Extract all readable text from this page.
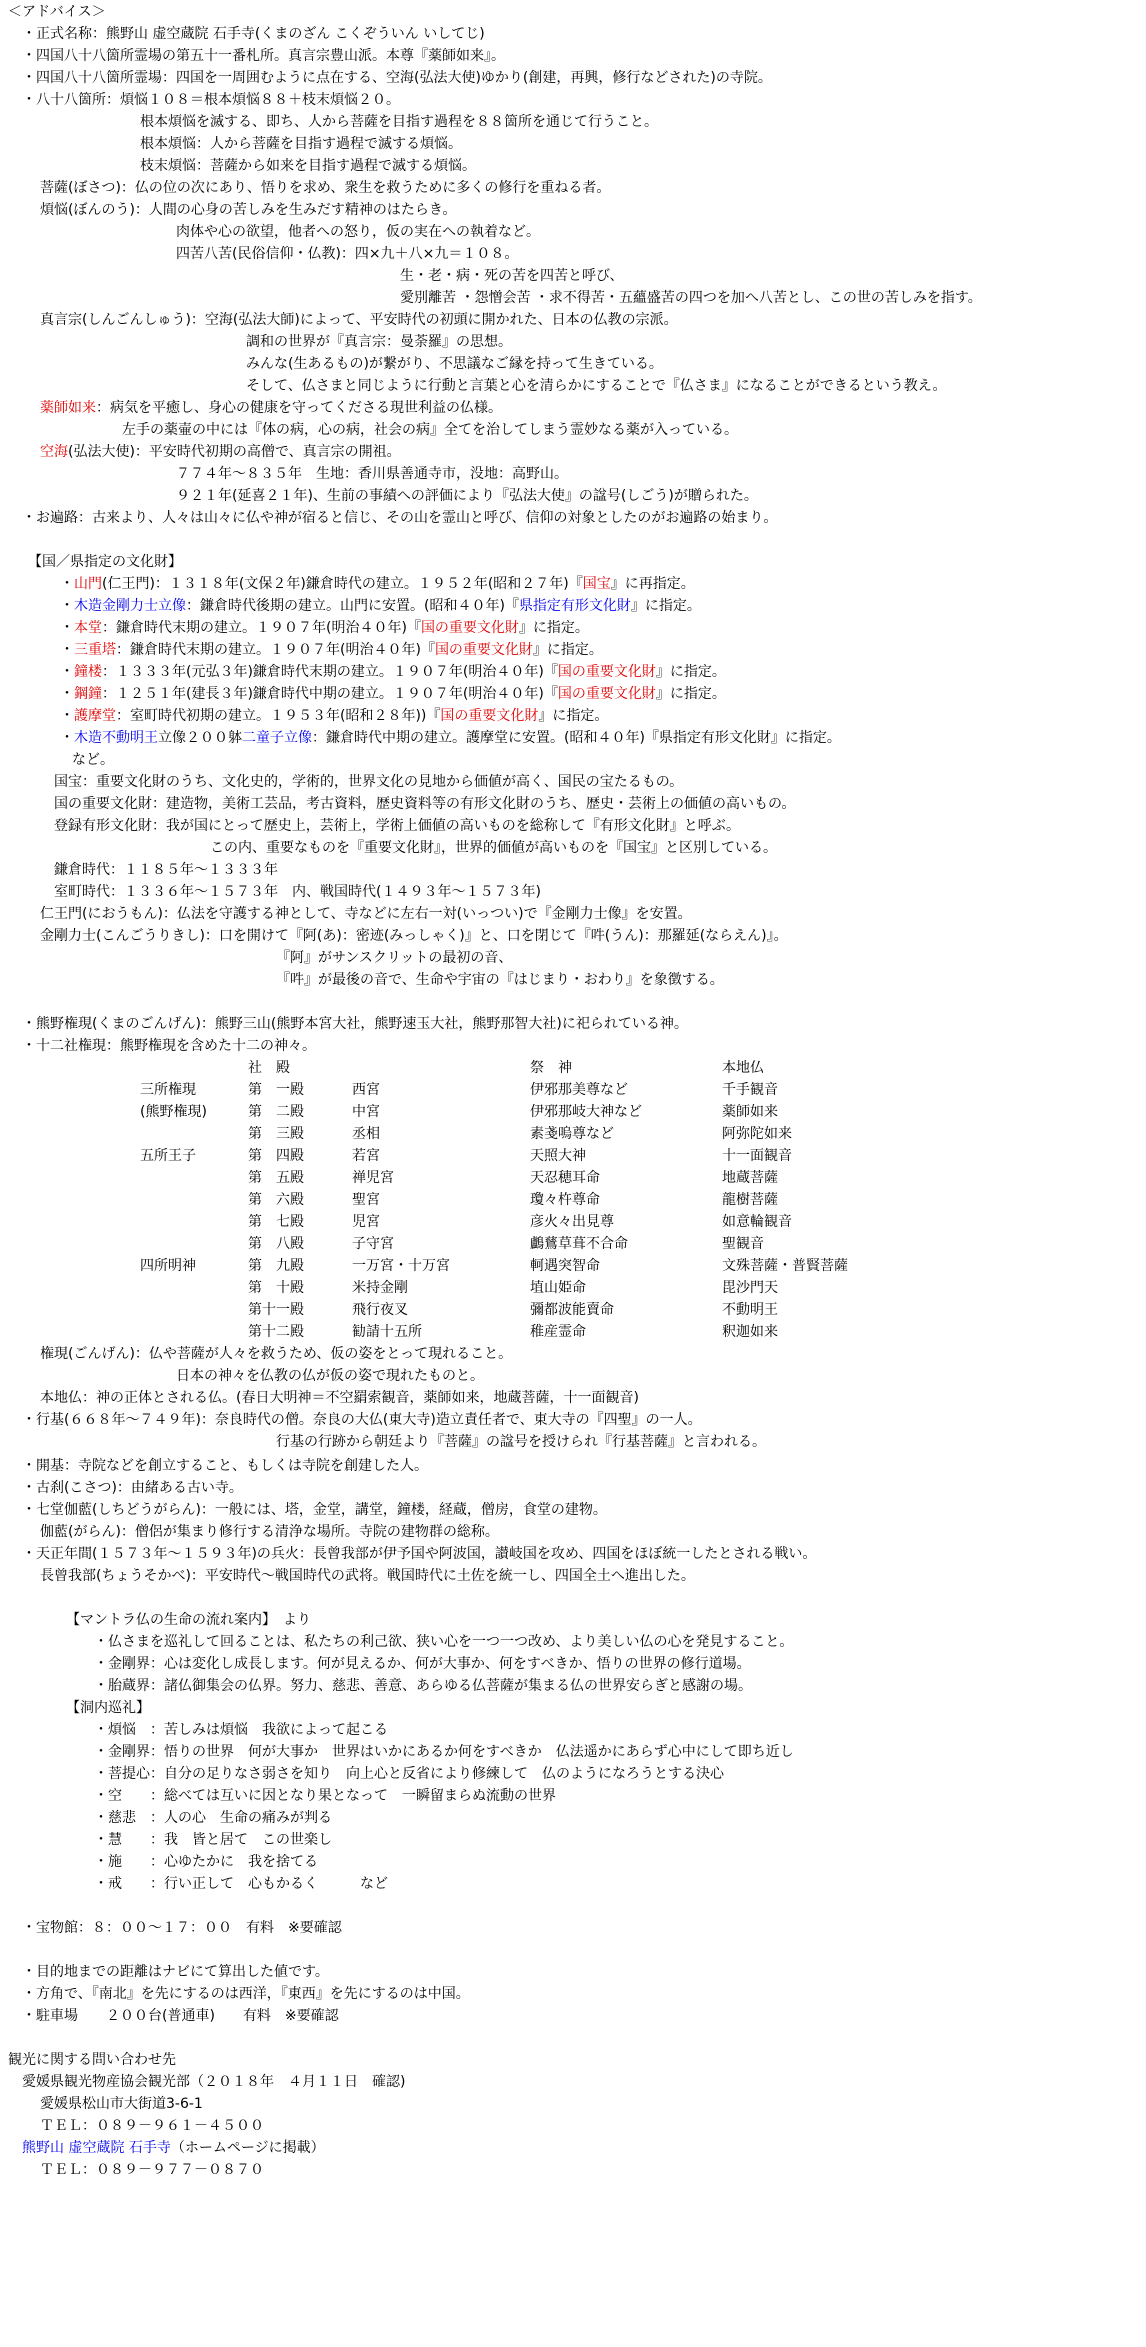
＜アドバイス＞
・正式名称：熊野山 虚空蔵院 石手寺(くまのざん こくぞういん いしてじ)
・四国八十八箇所霊場の第五十一番札所。真言宗豊山派。本尊『薬師如来』。
・四国八十八箇所霊場：四国を一周囲むように点在する、空海(弘法大使)ゆかり(創建，再興，修行などされた)の寺院。
・八十八箇所：煩悩１０８＝根本煩悩８８＋枝末煩悩２０。
根本煩悩を滅する、即ち、人から菩薩を目指す過程を８８箇所を通じて行うこと。
根本煩悩：人から菩薩を目指す過程で滅する煩悩。
枝末煩悩：菩薩から如来を目指す過程で滅する煩悩。
菩薩(ぼさつ)：仏の位の次にあり、悟りを求め、衆生を救うために多くの修行を重ねる者。
煩悩(ぼんのう)：人間の心身の苦しみを生みだす精神のはたらき。
肉体や心の欲望，他者への怒り，仮の実在への執着など。
四苦八苦(民俗信仰・仏教)：四×九＋八×九＝１０８。
生・老・病・死の苦を四苦と呼び、
愛別離苦 ・怨憎会苦 ・求不得苦・五蘊盛苦の四つを加へ八苦とし、この世の苦しみを指す。
真言宗(しんごんしゅう)：空海(弘法大師)によって、平安時代の初頭に開かれた、日本の仏教の宗派。
調和の世界が『真言宗：曼荼羅』の思想。
みんな(生あるもの)が繋がり、不思議なご縁を持って生きている。
そして、仏さまと同じように行動と言葉と心を清らかにすることで『仏さま』になることができるという教え。
薬師如来：病気を平癒し、身心の健康を守ってくださる現世利益の仏様。
左手の薬壷の中には『体の病，心の病，社会の病』全てを治してしまう霊妙なる薬が入っている。
空海(弘法大使)：平安時代初期の高僧で、真言宗の開祖。
７７４年～８３５年　生地：香川県善通寺市，没地：高野山。
９２１年(延喜２１年)、生前の事績への評価により『弘法大使』の諡号(しごう)が贈られた。
・お遍路：古来より、人々は山々に仏や神が宿ると信じ、その山を霊山と呼び、信仰の対象としたのがお遍路の始まり。
【国／県指定の文化財】
・山門(仁王門)：１３１８年(文保２年)鎌倉時代の建立。１９５２年(昭和２７年)『国宝』に再指定。
・木造金剛力士立像：鎌倉時代後期の建立。山門に安置。(昭和４０年)『県指定有形文化財』に指定。
・本堂：鎌倉時代末期の建立。１９０７年(明治４０年)『国の重要文化財』に指定。
・三重塔：鎌倉時代末期の建立。１９０７年(明治４０年)『国の重要文化財』に指定。
・鐘楼：１３３３年(元弘３年)鎌倉時代末期の建立。１９０７年(明治４０年)『国の重要文化財』に指定。
・鋼鐘：１２５１年(建長３年)鎌倉時代中期の建立。１９０７年(明治４０年)『国の重要文化財』に指定。
・護摩堂：室町時代初期の建立。１９５３年(昭和２８年))『国の重要文化財』に指定。
・木造不動明王立像２００躰二童子立像：鎌倉時代中期の建立。護摩堂に安置。(昭和４０年)『県指定有形文化財』に指定。
など。
国宝：重要文化財のうち、文化史的，学術的，世界文化の見地から価値が高く、国民の宝たるもの。
国の重要文化財：建造物，美術工芸品，考古資料，歴史資料等の有形文化財のうち、歴史・芸術上の価値の高いもの。
登録有形文化財：我が国にとって歴史上，芸術上，学術上価値の高いものを総称して『有形文化財』と呼ぶ。
この内、重要なものを『重要文化財』，世界的価値が高いものを『国宝』と区別している。
鎌倉時代：１１８５年～１３３３年
室町時代：１３３６年～１５７３年　内、戦国時代(１４９３年～１５７３年)
仁王門(におうもん)：仏法を守護する神として、寺などに左右一対(いっつい)で『金剛力士像』を安置。
金剛力士(こんごうりきし)：口を開けて『阿(あ)：密迹(みっしゃく)』と、口を閉じて『吽(うん)：那羅延(ならえん)』。
『阿』がサンスクリットの最初の音、
『吽』が最後の音で、生命や宇宙の『はじまり・おわり』を象徴する。
・熊野権現(くまのごんげん)：熊野三山(熊野本宮大社，熊野速玉大社，熊野那智大社)に祀られている神。
・十二社権現：熊野権現を含めた十二の神々。
社　殿	祭　神	本地仏
三所権現	第　一殿	西宮	伊邪那美尊など	千手観音
(熊野権現)	第　二殿	中宮	伊邪那岐大神など	薬師如来
第　三殿	丞相	素戔嗚尊など	阿弥陀如来
五所王子	第　四殿	若宮	天照大神	十一面観音
第　五殿	禅児宮	天忍穂耳命	地蔵菩薩
第　六殿	聖宮	瓊々杵尊命	龍樹菩薩
第　七殿	児宮	彦火々出見尊	如意輪観音
第　八殿	子守宮	鸕鶿草葺不合命	聖観音
四所明神	第　九殿	一万宮・十万宮	軻遇突智命	文殊菩薩・普賢菩薩
第　十殿	米持金剛	埴山姫命	毘沙門天
第十一殿	飛行夜叉	彌都波能賣命	不動明王
第十二殿	勧請十五所	稚産霊命	釈迦如来
権現(ごんげん)：仏や菩薩が人々を救うため、仮の姿をとって現れること。
日本の神々を仏教の仏が仮の姿で現れたものと。
本地仏：神の正体とされる仏。(春日大明神＝不空羂索観音，薬師如来，地蔵菩薩，十一面観音)
・行基(６６８年～７４９年)：奈良時代の僧。奈良の大仏(東大寺)造立責任者で、東大寺の『四聖』の一人。
行基の行跡から朝廷より『菩薩』の諡号を授けられ『行基菩薩』と言われる。
・開基：寺院などを創立すること、もしくは寺院を創建した人。
・古刹(こさつ)：由緒ある古い寺。
・七堂伽藍(しちどうがらん)：一般には、塔，金堂，講堂，鐘楼，経蔵，僧房，食堂の建物。
伽藍(がらん)：僧侶が集まり修行する清浄な場所。寺院の建物群の総称。
・天正年間(１５７３年～１５９３年)の兵火：長曾我部が伊予国や阿波国，讃岐国を攻め、四国をほぼ統一したとされる戦い。
長曾我部(ちょうそかべ)：平安時代～戦国時代の武将。戦国時代に土佐を統一し、四国全土へ進出した。
【マントラ仏の生命の流れ案内】　より
・仏さまを巡礼して回ることは、私たちの利己欲、狭い心を一つ一つ改め、より美しい仏の心を発見すること。
・金剛界：心は変化し成長します。何が見えるか、何が大事か、何をすべきか、悟りの世界の修行道場。
・胎蔵界：諸仏御集会の仏界。努力、慈悲、善意、あらゆる仏菩薩が集まる仏の世界安らぎと感謝の場。
【洞内巡礼】
・煩悩　：苦しみは煩悩　我欲によって起こる
・金剛界：悟りの世界　何が大事か　世界はいかにあるか何をすべきか　仏法遥かにあらず心中にして即ち近し
・菩提心：自分の足りなさ弱さを知り　向上心と反省により修練して　仏のようになろうとする決心
・空　　：総べては互いに因となり果となって　一瞬留まらぬ流動の世界
・慈悲　：人の心　生命の痛みが判る
・慧　　：我　皆と居て　この世楽し
・施　　：心ゆたかに　我を捨てる
・戒　　：行い正して　心もかるく　　　など
・宝物館：８：００～１７：００　有料　※要確認
・目的地までの距離はナビにて算出した値です。
・方角で、『南北』を先にするのは西洋，『東西』を先にするのは中国。
・駐車場　　２００台(普通車)　　有料　※要確認
観光に関する問い合わせ先
愛媛県観光物産協会観光部（２０１８年　４月１１日　確認)
愛媛県松山市大街道3-6-1
ＴＥＬ：０８９－９６１－４５００
熊野山 虚空蔵院 石手寺（ホームページに掲載）
ＴＥＬ：０８９－９７７－０８７０
